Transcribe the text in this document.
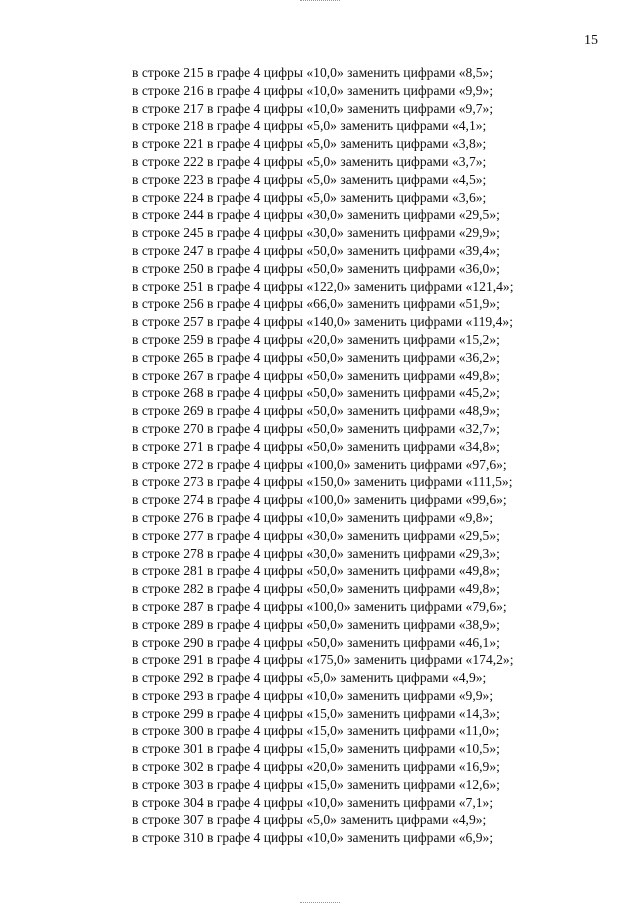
15
в строке 215 в графе 4 цифры «10,0» заменить цифрами «8,5»;
в строке 216 в графе 4 цифры «10,0» заменить цифрами «9,9»;
в строке 217 в графе 4 цифры «10,0» заменить цифрами «9,7»;
в строке 218 в графе 4 цифры «5,0» заменить цифрами «4,1»;
в строке 221 в графе 4 цифры «5,0» заменить цифрами «3,8»;
в строке 222 в графе 4 цифры «5,0» заменить цифрами «3,7»;
в строке 223 в графе 4 цифры «5,0» заменить цифрами «4,5»;
в строке 224 в графе 4 цифры «5,0» заменить цифрами «3,6»;
в строке 244 в графе 4 цифры «30,0» заменить цифрами «29,5»;
в строке 245 в графе 4 цифры «30,0» заменить цифрами «29,9»;
в строке 247 в графе 4 цифры «50,0» заменить цифрами «39,4»;
в строке 250 в графе 4 цифры «50,0» заменить цифрами «36,0»;
в строке 251 в графе 4 цифры «122,0» заменить цифрами «121,4»;
в строке 256 в графе 4 цифры «66,0» заменить цифрами «51,9»;
в строке 257 в графе 4 цифры «140,0» заменить цифрами «119,4»;
в строке 259 в графе 4 цифры «20,0» заменить цифрами «15,2»;
в строке 265 в графе 4 цифры «50,0» заменить цифрами «36,2»;
в строке 267 в графе 4 цифры «50,0» заменить цифрами «49,8»;
в строке 268 в графе 4 цифры «50,0» заменить цифрами «45,2»;
в строке 269 в графе 4 цифры «50,0» заменить цифрами «48,9»;
в строке 270 в графе 4 цифры «50,0» заменить цифрами «32,7»;
в строке 271 в графе 4 цифры «50,0» заменить цифрами «34,8»;
в строке 272 в графе 4 цифры «100,0» заменить цифрами «97,6»;
в строке 273 в графе 4 цифры «150,0» заменить цифрами «111,5»;
в строке 274 в графе 4 цифры «100,0» заменить цифрами «99,6»;
в строке 276 в графе 4 цифры «10,0» заменить цифрами «9,8»;
в строке 277 в графе 4 цифры «30,0» заменить цифрами «29,5»;
в строке 278 в графе 4 цифры «30,0» заменить цифрами «29,3»;
в строке 281 в графе 4 цифры «50,0» заменить цифрами «49,8»;
в строке 282 в графе 4 цифры «50,0» заменить цифрами «49,8»;
в строке 287 в графе 4 цифры «100,0» заменить цифрами «79,6»;
в строке 289 в графе 4 цифры «50,0» заменить цифрами «38,9»;
в строке 290 в графе 4 цифры «50,0» заменить цифрами «46,1»;
в строке 291 в графе 4 цифры «175,0» заменить цифрами «174,2»;
в строке 292 в графе 4 цифры «5,0» заменить цифрами «4,9»;
в строке 293 в графе 4 цифры «10,0» заменить цифрами «9,9»;
в строке 299 в графе 4 цифры «15,0» заменить цифрами «14,3»;
в строке 300 в графе 4 цифры «15,0» заменить цифрами «11,0»;
в строке 301 в графе 4 цифры «15,0» заменить цифрами «10,5»;
в строке 302 в графе 4 цифры «20,0» заменить цифрами «16,9»;
в строке 303 в графе 4 цифры «15,0» заменить цифрами «12,6»;
в строке 304 в графе 4 цифры «10,0» заменить цифрами «7,1»;
в строке 307 в графе 4 цифры «5,0» заменить цифрами «4,9»;
в строке 310 в графе 4 цифры «10,0» заменить цифрами «6,9»;
